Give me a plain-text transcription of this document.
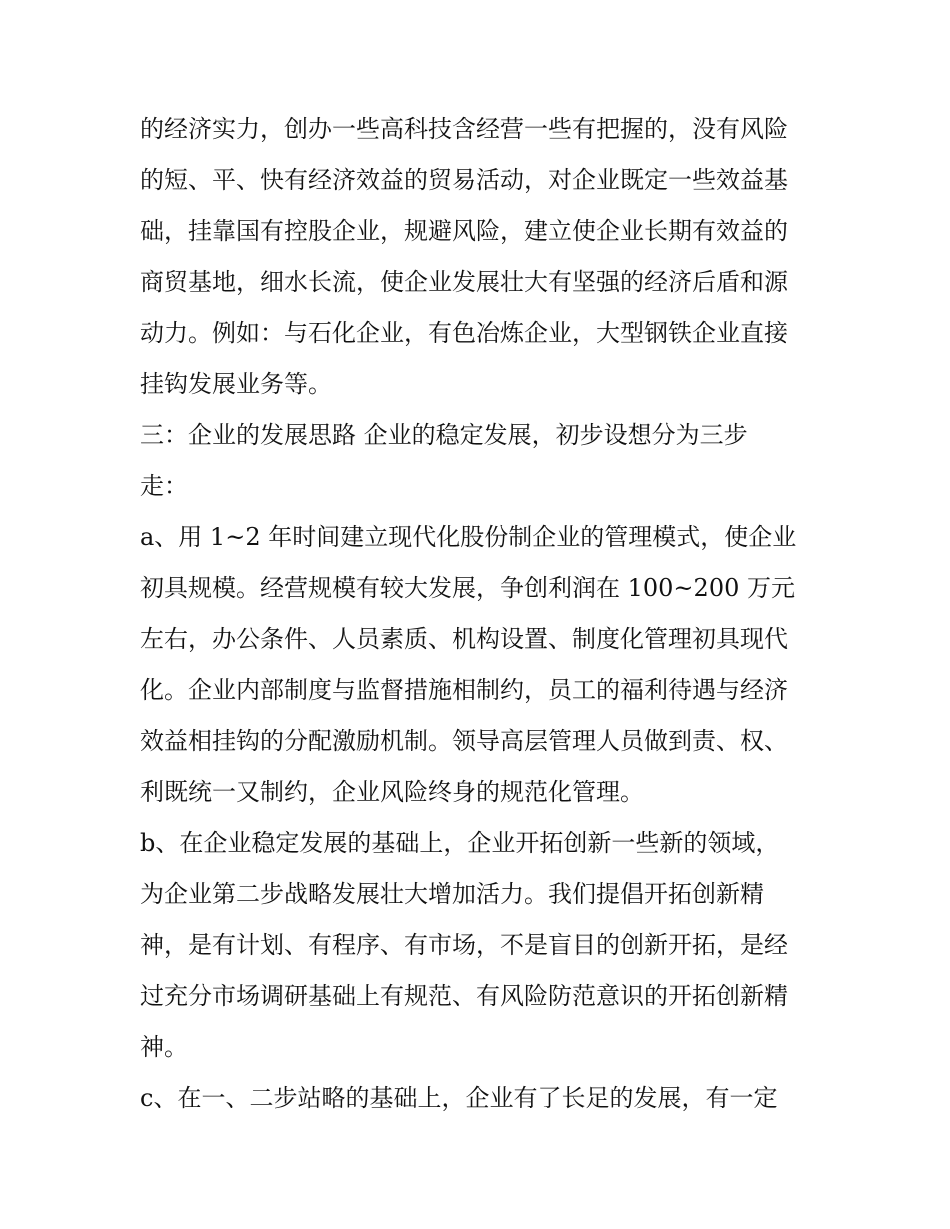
的经济实力，创办一些高科技含经营一些有把握的，没有风险
的短、平、快有经济效益的贸易活动，对企业既定一些效益基
础，挂靠国有控股企业，规避风险，建立使企业长期有效益的
商贸基地，细水长流，使企业发展壮大有坚强的经济后盾和源
动力。例如：与石化企业，有色冶炼企业，大型钢铁企业直接
挂钩发展业务等。
三：企业的发展思路 企业的稳定发展，初步设想分为三步
走：
a、用 1~2 年时间建立现代化股份制企业的管理模式，使企业
初具规模。经营规模有较大发展，争创利润在 100~200 万元
左右，办公条件、人员素质、机构设置、制度化管理初具现代
化。企业内部制度与监督措施相制约，员工的福利待遇与经济
效益相挂钩的分配激励机制。领导高层管理人员做到责、权、
利既统一又制约，企业风险终身的规范化管理。
b、在企业稳定发展的基础上，企业开拓创新一些新的领域，
为企业第二步战略发展壮大增加活力。我们提倡开拓创新精
神，是有计划、有程序、有市场，不是盲目的创新开拓，是经
过充分市场调研基础上有规范、有风险防范意识的开拓创新精
神。
c、在一、二步站略的基础上，企业有了长足的发展，有一定
